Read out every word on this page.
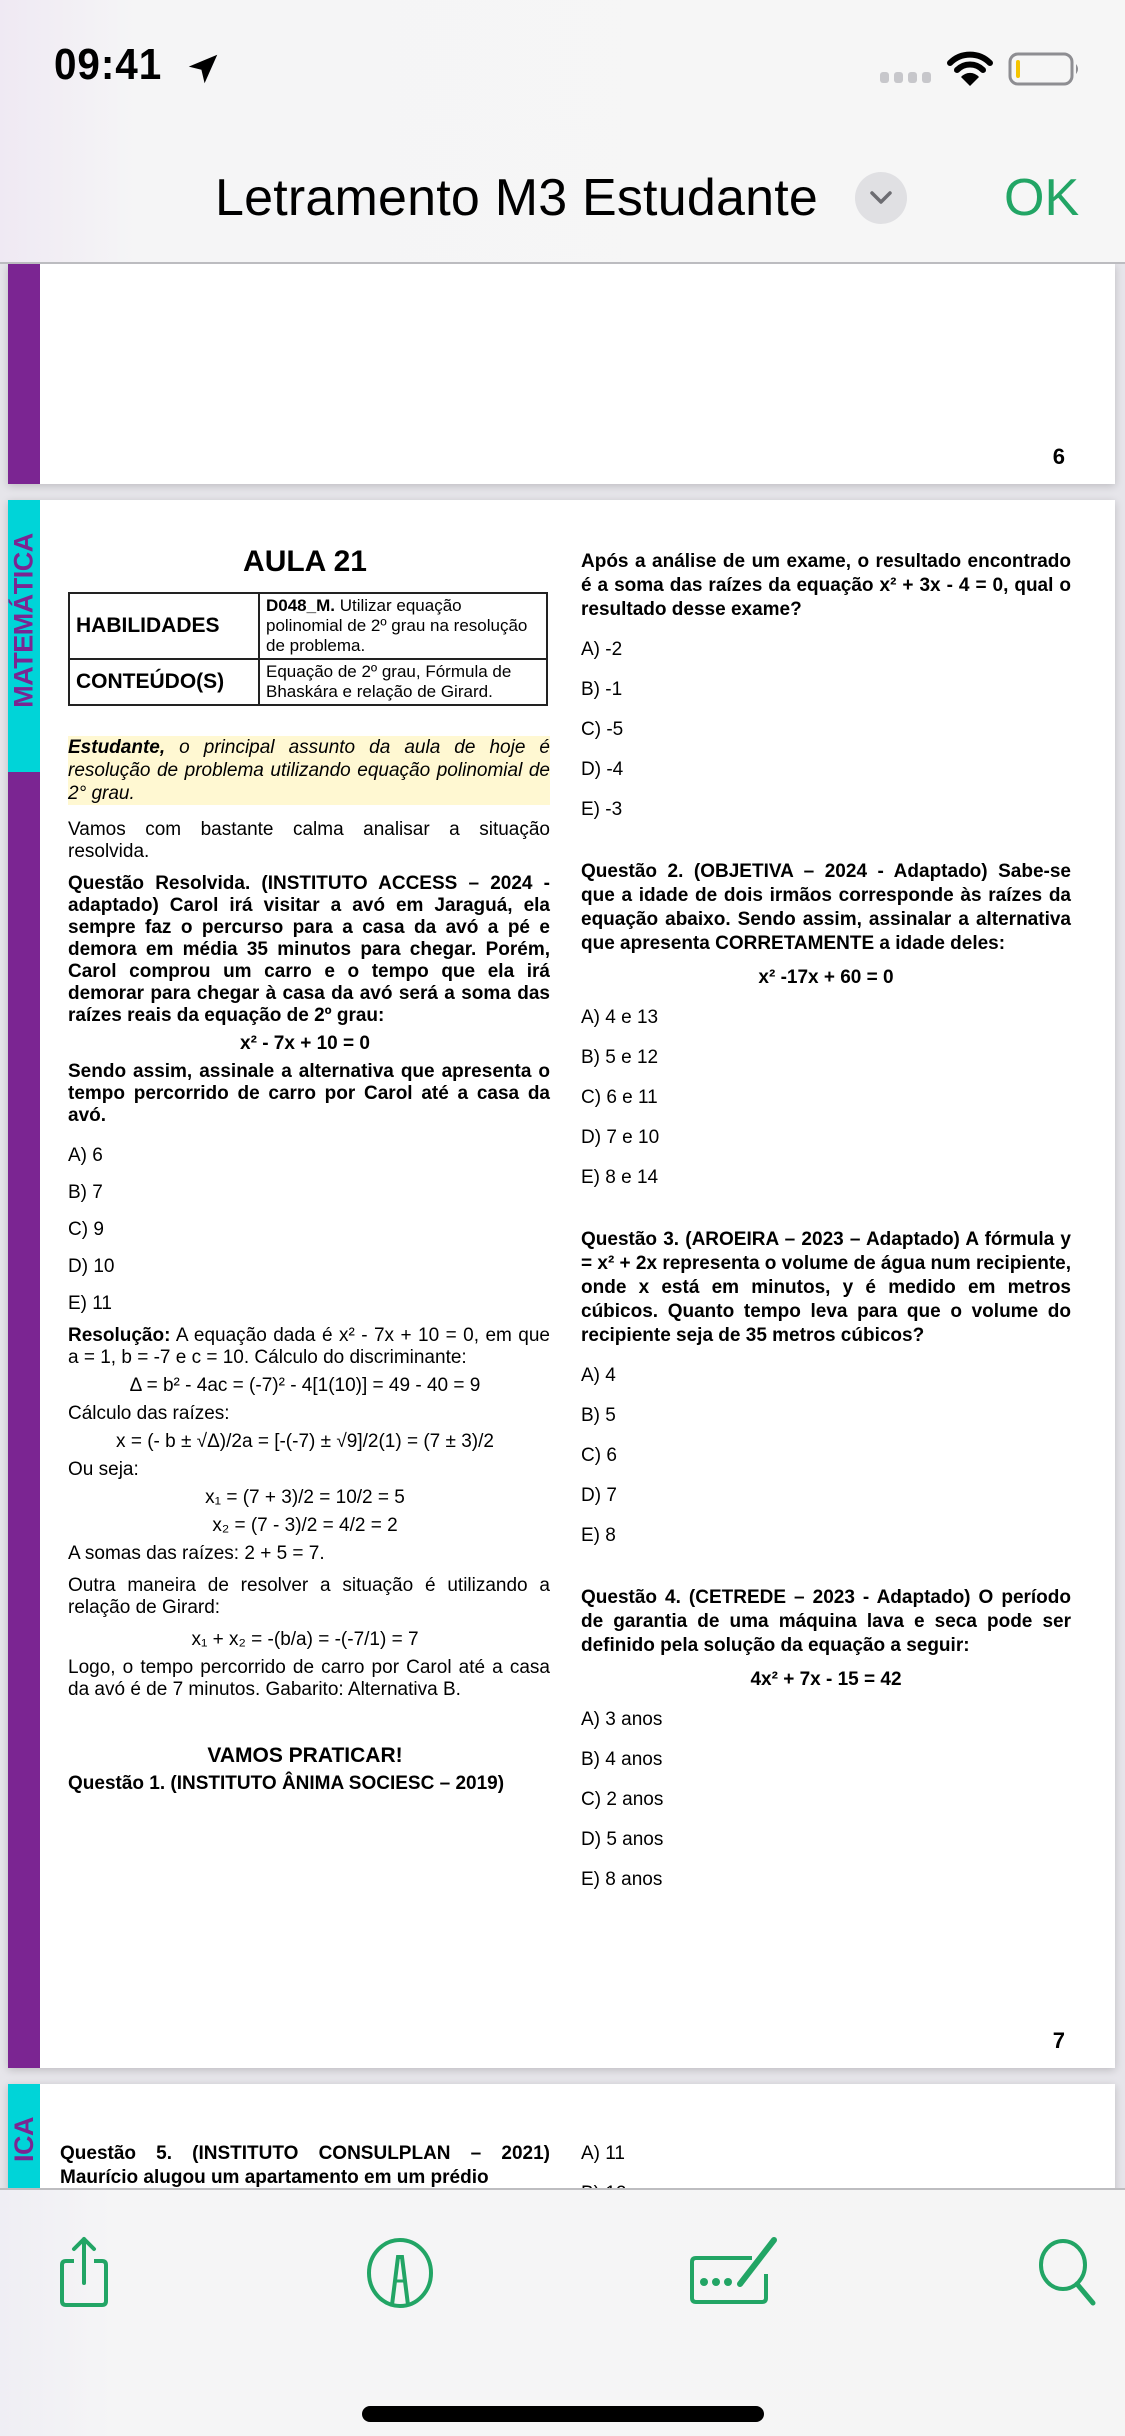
09:41
Letramento M3 Estudante	OK
6
MATEMÁTICA	AULA 21
HABILIDADES	D048_M. Utilizar equação polinomial de 2º grau na resolução de problema.
CONTEÚDO(S)	Equação de 2º grau, Fórmula de Bhaskára e relação de Girard.
Estudante, o principal assunto da aula de hoje é resolução de problema utilizando equação polinomial de 2° grau.
Vamos com bastante calma analisar a situação resolvida.
Questão Resolvida. (INSTITUTO ACCESS – 2024 - adaptado) Carol irá visitar a avó em Jaraguá, ela sempre faz o percurso para a casa da avó a pé e demora em média 35 minutos para chegar. Porém, Carol comprou um carro e o tempo que ela irá demorar para chegar à casa da avó será a soma das raízes reais da equação de 2º grau:
x² - 7x + 10 = 0
Sendo assim, assinale a alternativa que apresenta o tempo percorrido de carro por Carol até a casa da avó.
A) 6
B) 7
C) 9
D) 10
E) 11
Resolução: A equação dada é x² - 7x + 10 = 0, em que a = 1, b = -7 e c = 10. Cálculo do discriminante:
Δ = b² - 4ac = (-7)² - 4[1(10)] = 49 - 40 = 9
Cálculo das raízes:
x = (- b ± √Δ)/2a = [-(-7) ± √9]/2(1) = (7 ± 3)/2
Ou seja:
x₁ = (7 + 3)/2 = 10/2 = 5
x₂ = (7 - 3)/2 = 4/2 = 2
A somas das raízes: 2 + 5 = 7.
Outra maneira de resolver a situação é utilizando a relação de Girard:
x₁ + x₂ = -(b/a) = -(-7/1) = 7
Logo, o tempo percorrido de carro por Carol até a casa da avó é de 7 minutos. Gabarito: Alternativa B.
VAMOS PRATICAR!
Questão 1. (INSTITUTO ÂNIMA SOCIESC – 2019)
Após a análise de um exame, o resultado encontrado é a soma das raízes da equação x² + 3x - 4 = 0, qual o resultado desse exame?
A) -2
B) -1
C) -5
D) -4
E) -3
Questão 2. (OBJETIVA – 2024 - Adaptado) Sabe-se que a idade de dois irmãos corresponde às raízes da equação abaixo. Sendo assim, assinalar a alternativa que apresenta CORRETAMENTE a idade deles:
x² -17x + 60 = 0
A) 4 e 13
B) 5 e 12
C) 6 e 11
D) 7 e 10
E) 8 e 14
Questão 3. (AROEIRA – 2023 – Adaptado) A fórmula y = x² + 2x representa o volume de água num recipiente, onde x está em minutos, y é medido em metros cúbicos. Quanto tempo leva para que o volume do recipiente seja de 35 metros cúbicos?
A) 4
B) 5
C) 6
D) 7
E) 8
Questão 4. (CETREDE – 2023 - Adaptado) O período de garantia de uma máquina lava e seca pode ser definido pela solução da equação a seguir:
4x² + 7x - 15 = 42
A) 3 anos
B) 4 anos
C) 2 anos
D) 5 anos
E) 8 anos
7
ICA Questão 5. (INSTITUTO CONSULPLAN – 2021) Maurício alugou um apartamento em um prédio
A) 11
